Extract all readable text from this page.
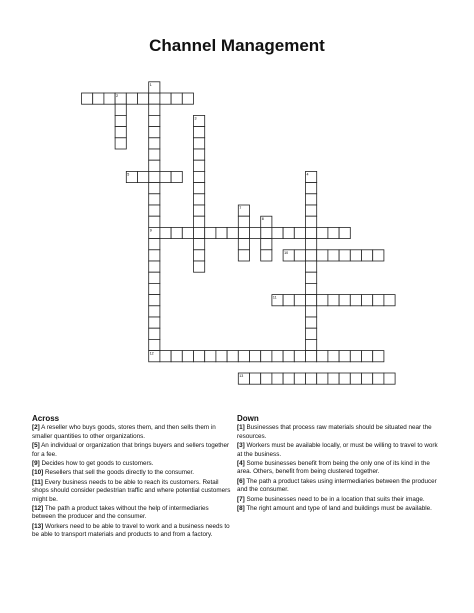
Channel Management
1
2
3
4
5
7
8
9
10
11
12
13
Across
[2] A reseller who buys goods, stores them, and then sells them in smaller quantities to other organizations.
[5] An individual or organization that brings buyers and sellers together for a fee.
[9] Decides how to get goods to customers.
[10] Resellers that sell the goods directly to the consumer.
[11] Every business needs to be able to reach its customers. Retail shops should consider pedestrian traffic and where potential customers might be.
[12] The path a product takes without the help of intermediaries between the producer and the consumer.
[13] Workers need to be able to travel to work and a business needs to be able to transport materials and products to and from a factory.
Down
[1] Businesses that process raw materials should be situated near the resources.
[3] Workers must be available locally, or must be willing to travel to work at the business.
[4] Some businesses benefit from being the only one of its kind in the area. Others, benefit from being clustered together.
[6] The path a product takes using intermediaries between the producer and the consumer.
[7] Some businesses need to be in a location that suits their image.
[8] The right amount and type of land and buildings must be available.
